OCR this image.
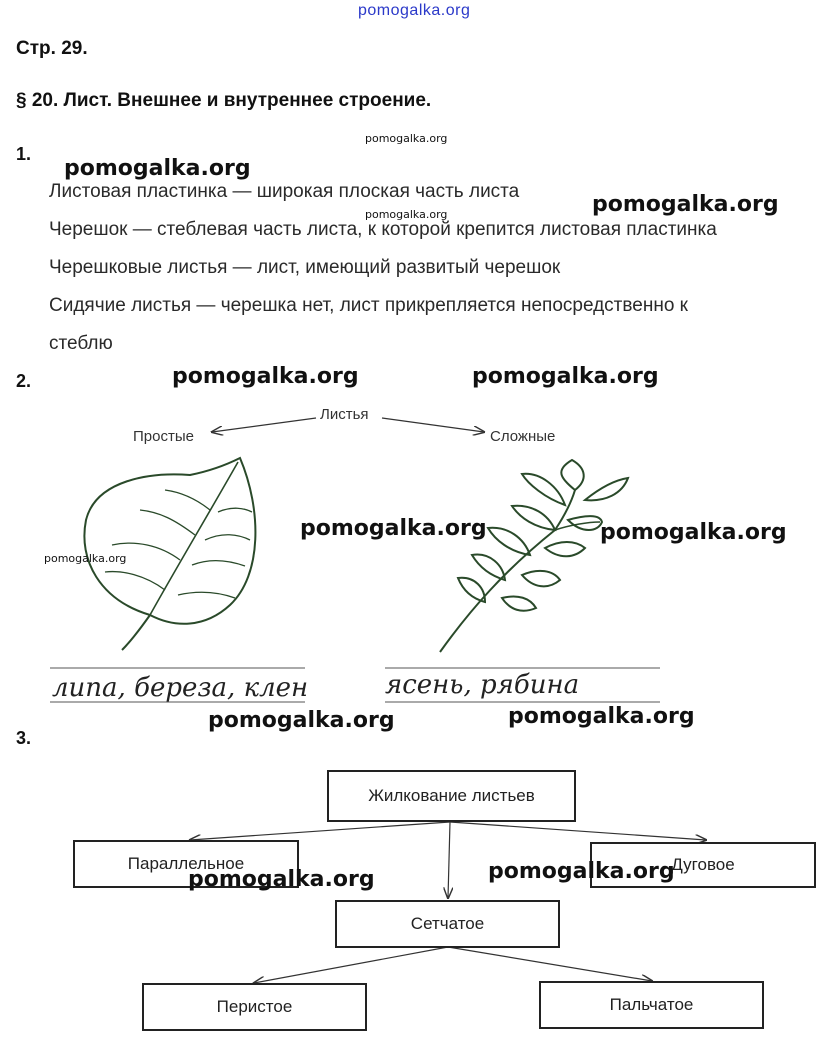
pomogalka.org
Стр. 29.
§ 20. Лист. Внешнее и внутреннее строение.
1.
pomogalka.org
pomogalka.org
Листовая пластинка — широкая плоская часть листа
pomogalka.org
pomogalka.org
Черешок — стеблевая часть листа, к которой крепится листовая пластинка
Черешковые листья — лист, имеющий развитый черешок
Сидячие листья — черешка нет, лист прикрепляется непосредственно к
стеблю
2.	pomogalka.org	pomogalka.org
Листья
Простые	Сложные
pomogalka.org	pomogalka.org
pomogalka.org
липа, береза, клен	ясень, рябина
pomogalka.org	pomogalka.org
3.
Жилкование листьев
Параллельное	Дуговое
Сетчатое
Перистое	Пальчатое
pomogalka.org	pomogalka.org
